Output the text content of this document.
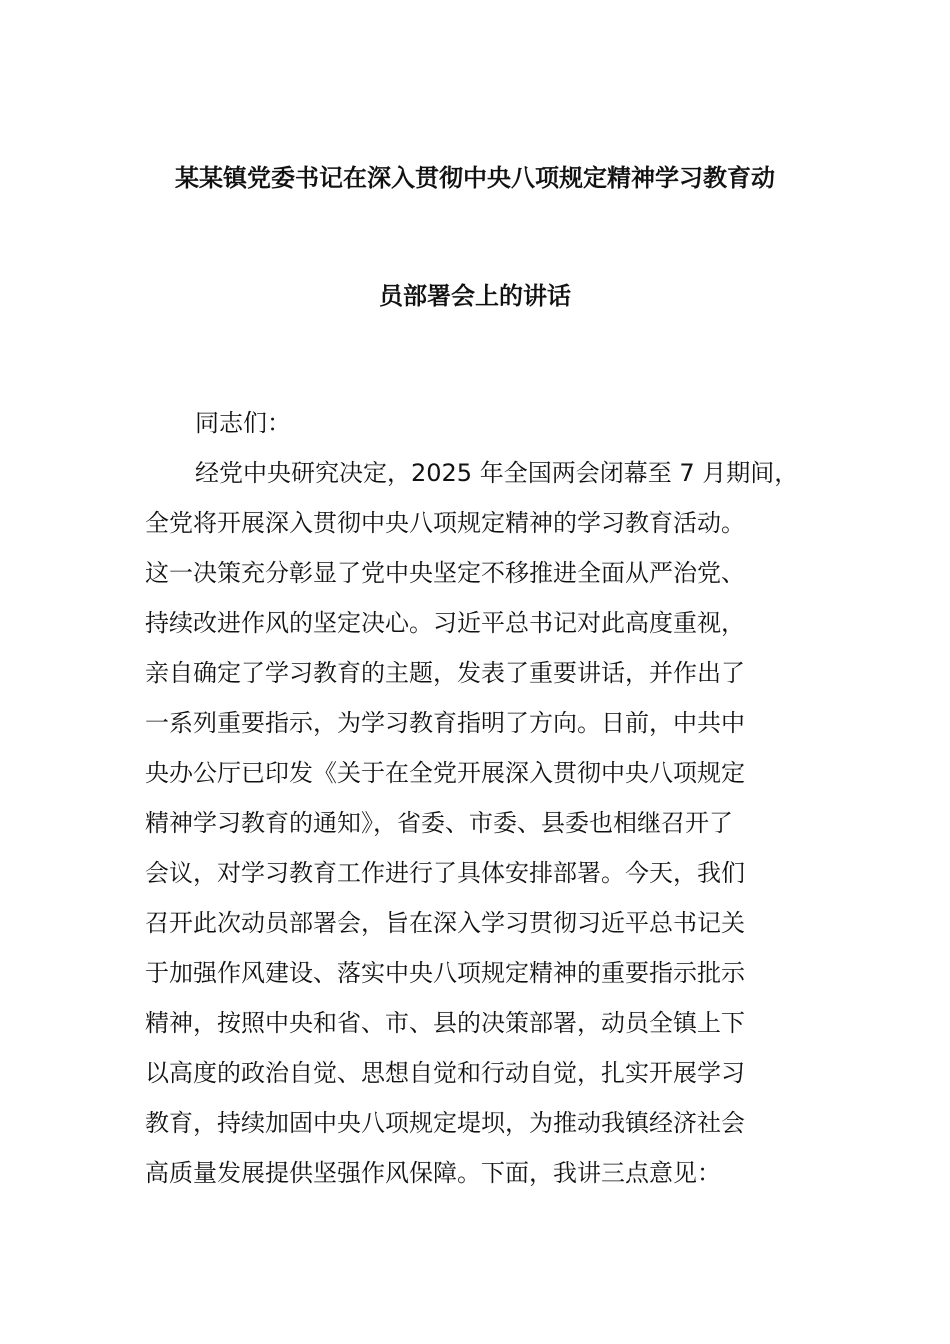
某某镇党委书记在深入贯彻中央八项规定精神学习教育动
员部署会上的讲话
同志们：
经党中央研究决定，2025 年全国两会闭幕至 7 月期间，
全党将开展深入贯彻中央八项规定精神的学习教育活动。
这一决策充分彰显了党中央坚定不移推进全面从严治党、
持续改进作风的坚定决心。习近平总书记对此高度重视，
亲自确定了学习教育的主题，发表了重要讲话，并作出了
一系列重要指示，为学习教育指明了方向。日前，中共中
央办公厅已印发《关于在全党开展深入贯彻中央八项规定
精神学习教育的通知》，省委、市委、县委也相继召开了
会议，对学习教育工作进行了具体安排部署。今天，我们
召开此次动员部署会，旨在深入学习贯彻习近平总书记关
于加强作风建设、落实中央八项规定精神的重要指示批示
精神，按照中央和省、市、县的决策部署，动员全镇上下
以高度的政治自觉、思想自觉和行动自觉，扎实开展学习
教育，持续加固中央八项规定堤坝，为推动我镇经济社会
高质量发展提供坚强作风保障。下面，我讲三点意见：
